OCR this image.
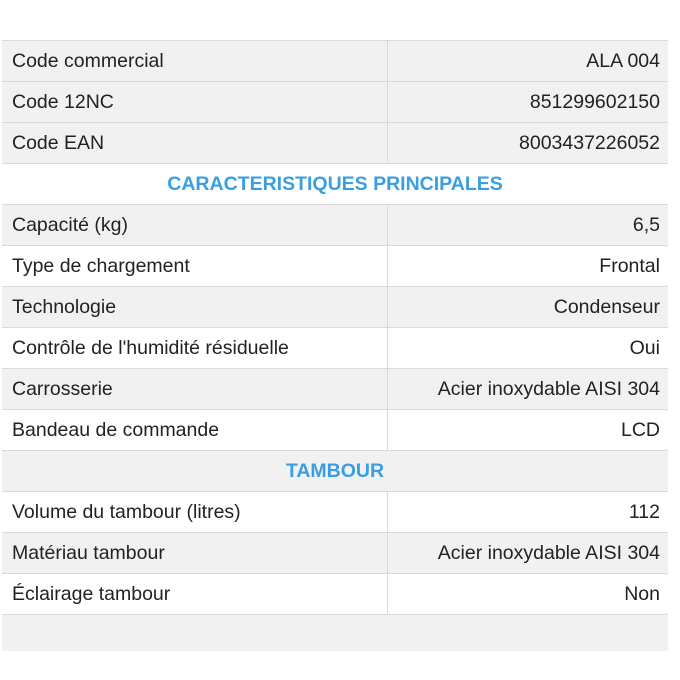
Code commercial	ALA 004
Code 12NC	851299602150
Code EAN	8003437226052
CARACTERISTIQUES PRINCIPALES
Capacité (kg)	6,5
Type de chargement	Frontal
Technologie	Condenseur
Contrôle de l'humidité résiduelle	Oui
Carrosserie	Acier inoxydable AISI 304
Bandeau de commande	LCD
TAMBOUR
Volume du tambour (litres)	112
Matériau tambour	Acier inoxydable AISI 304
Éclairage tambour	Non
